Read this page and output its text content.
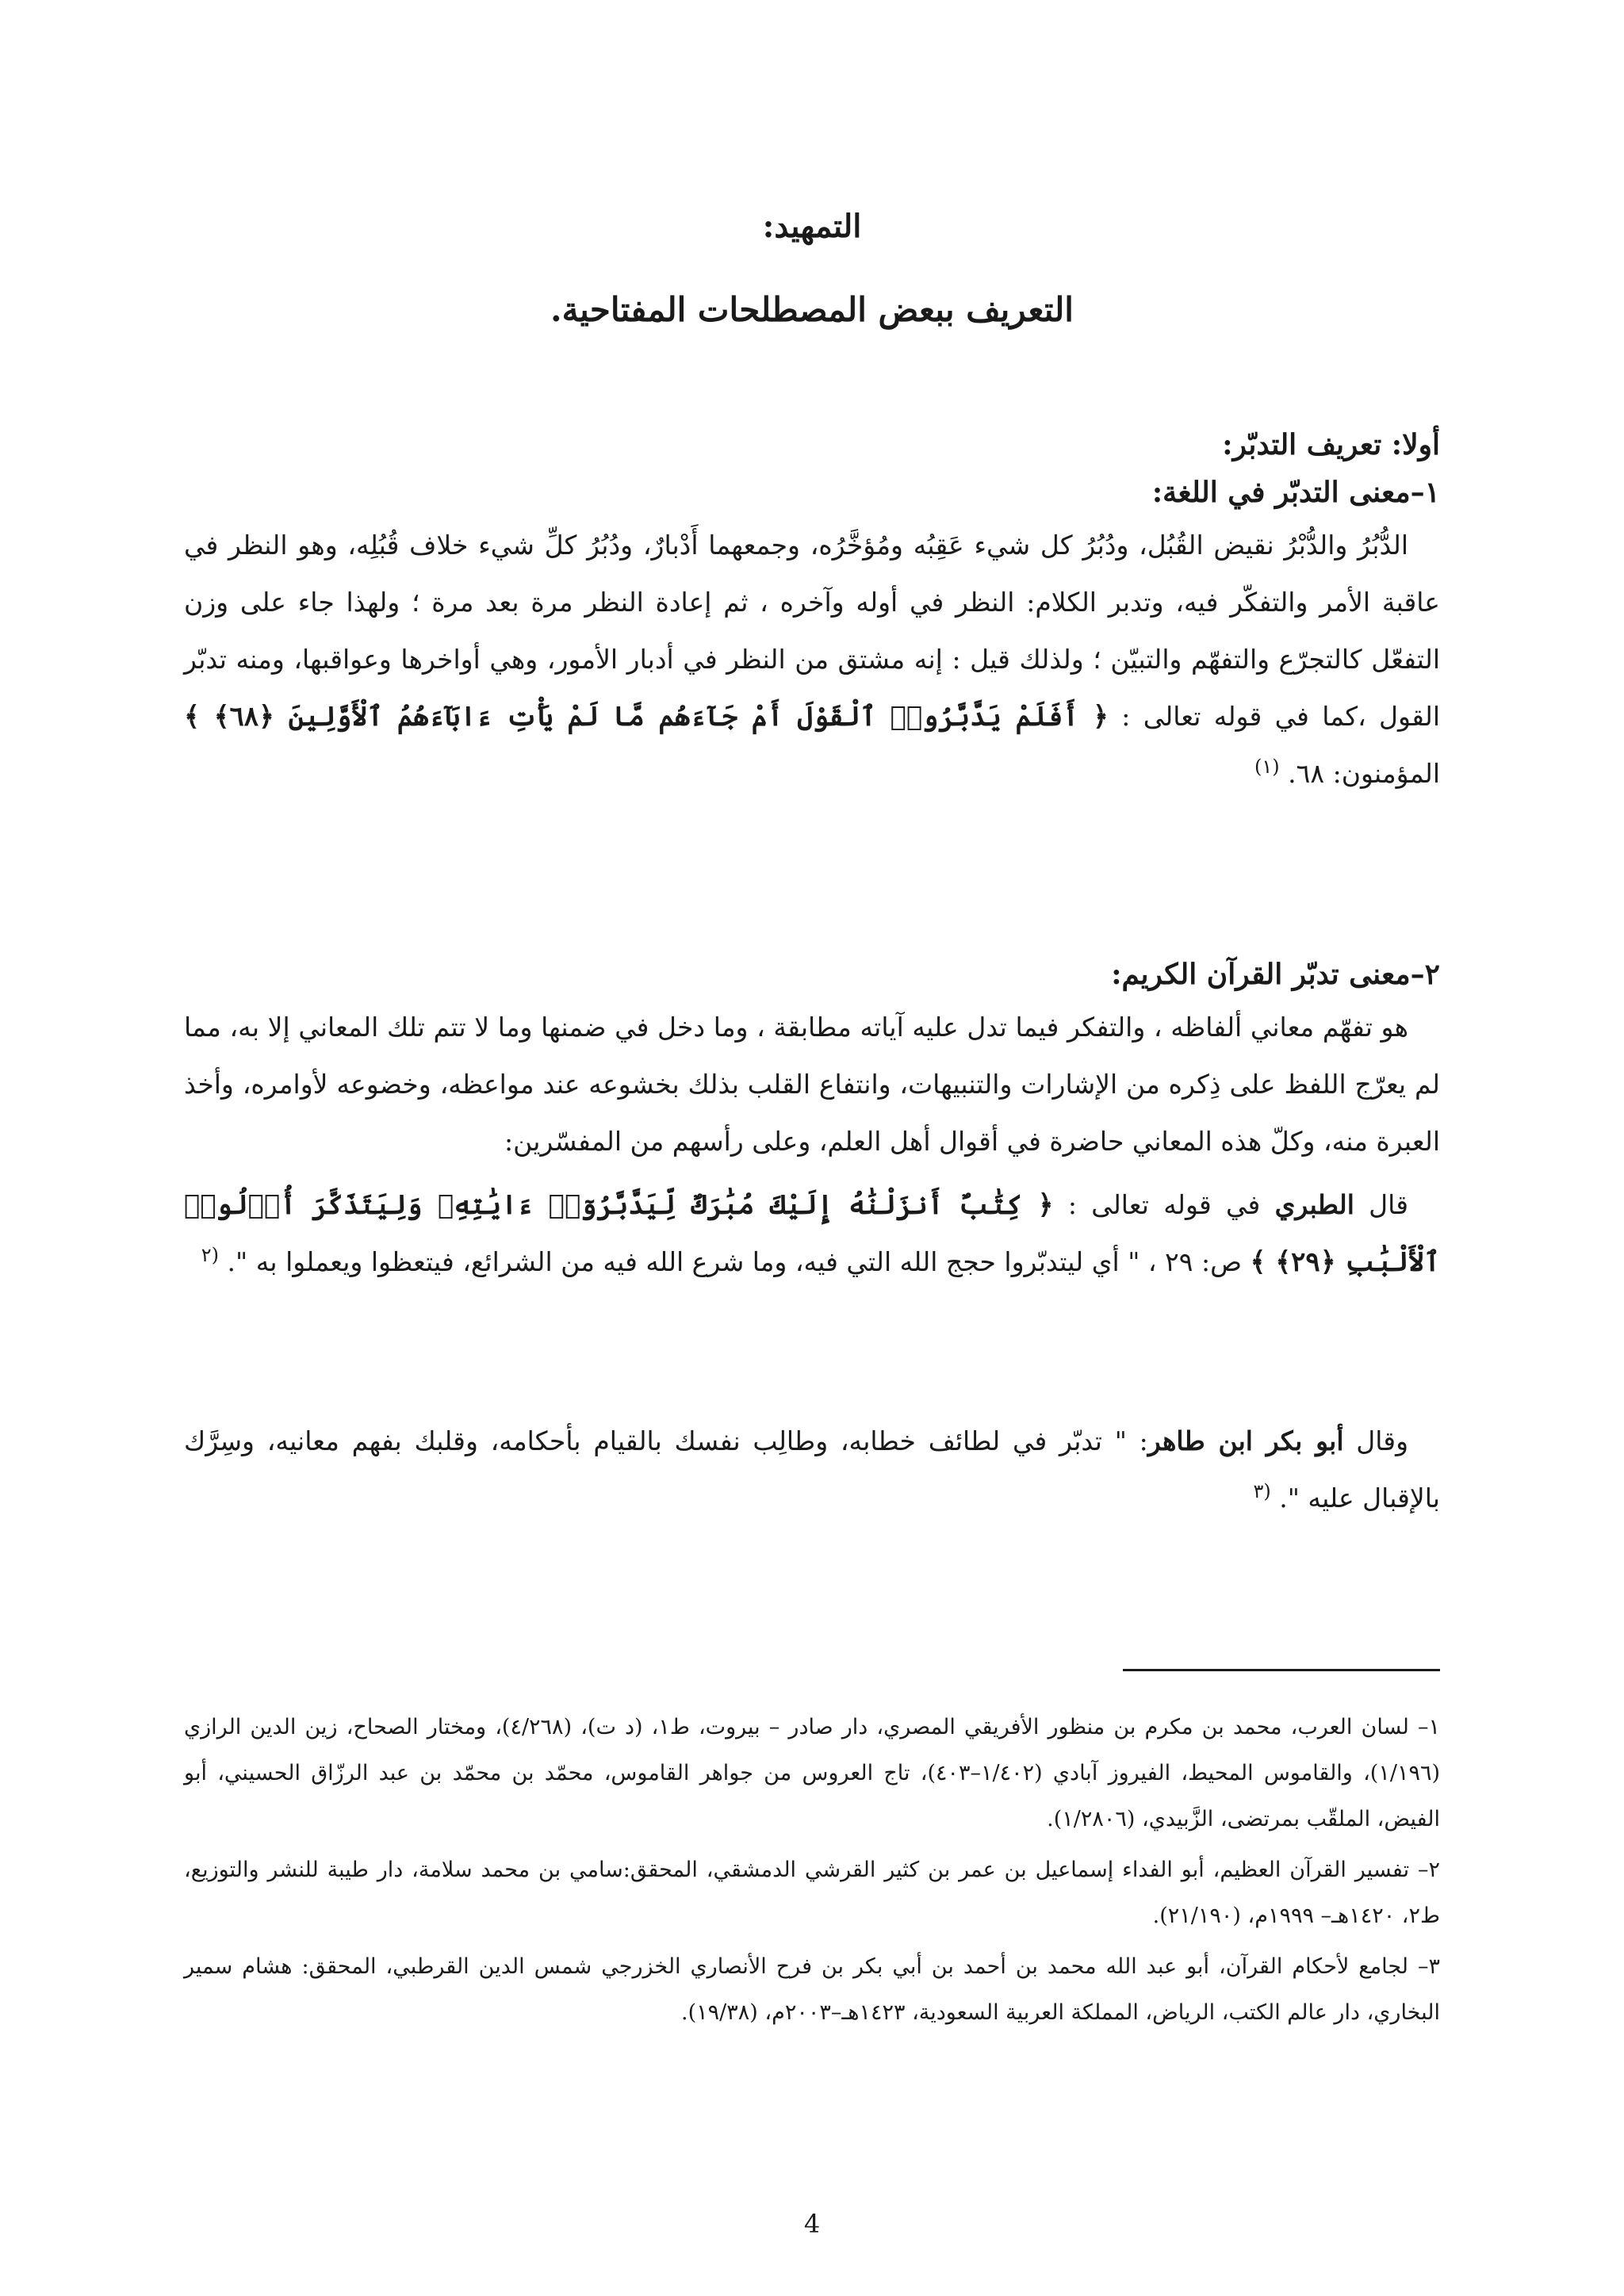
التمهيد:
التعريف ببعض المصطلحات المفتاحية.

أولا: تعريف التدبّر:

١–معنى التدبّر في اللغة:

الدُّبُرُ والدُّبْرُ نقيض القُبُل، ودُبُرُ كل شيء عَقِبُه ومُؤخَّرُه، وجمعهما أَدْبارٌ، ودُبُرُ كلِّ شيء خلاف قُبُلِه، وهو النظر في عاقبة الأمر والتفكّر فيه، وتدبر الكلام: النظر في أوله وآخره ، ثم إعادة النظر مرة بعد مرة ؛ ولهذا جاء على وزن التفعّل كالتجرّع والتفهّم والتبيّن ؛ ولذلك قيل : إنه مشتق من النظر في أدبار الأمور، وهي أواخرها وعواقبها، ومنه تدبّر القول ،كما في قوله تعالى : ﴿ أَفَلَمْ يَدَّبَّرُوا۟ ٱلْقَوْلَ أَمْ جَآءَهُم مَّا لَمْ يَأْتِ ءَابَآءَهُمُ ٱلْأَوَّلِينَ ﴿٦٨﴾ ﴾ المؤمنون: ٦٨. $^{(١)}$

٢–معنى تدبّر القرآن الكريم:

هو تفهّم معاني ألفاظه ، والتفكر فيما تدل عليه آياته مطابقة ، وما دخل في ضمنها وما لا تتم تلك المعاني إلا به، مما لم يعرّج اللفظ على ذِكره من الإشارات والتنبيهات، وانتفاع القلب بذلك بخشوعه عند مواعظه، وخضوعه لأوامره، وأخذ العبرة منه، وكلّ هذه المعاني حاضرة في أقوال أهل العلم، وعلى رأسهم من المفسّرين:

قال الطبري في قوله تعالى : ﴿ كِتَٰبٌ أَنزَلْنَٰهُ إِلَيْكَ مُبَٰرَكٌ لِّيَدَّبَّرُوٓا۟ ءَايَٰتِهِۦ وَلِيَتَذَكَّرَ أُو۟لُوا۟ ٱلْأَلْبَٰبِ ﴿٢٩﴾ ﴾ ص: ٢٩ ، " أي ليتدبّروا حجج الله التي فيه، وما شرع الله فيه من الشرائع، فيتعظوا ويعملوا به ". $^{(٢}$

وقال أبو بكر ابن طاهر: " تدبّر في لطائف خطابه، وطالِب نفسك بالقيام بأحكامه، وقلبك بفهم معانيه، وسِرَّك بالإقبال عليه ". $^{(٣}$

١– لسان العرب، محمد بن مكرم بن منظور الأفريقي المصري، دار صادر – بيروت، ط١، (د ت)، (٤/٢٦٨)، ومختار الصحاح، زين الدين الرازي (١/١٩٦)، والقاموس المحيط، الفيروز آبادي (١/٤٠٢–٤٠٣)، تاج العروس من جواهر القاموس، محمّد بن محمّد بن عبد الرزّاق الحسيني، أبو الفيض، الملقّب بمرتضى، الزَّبيدي، (١/٢٨٠٦).

٢– تفسير القرآن العظيم، أبو الفداء إسماعيل بن عمر بن كثير القرشي الدمشقي، المحقق:سامي بن محمد سلامة، دار طيبة للنشر والتوزيع، ط٢، ١٤٢٠هـ– ١٩٩٩م، (٢١/١٩٠).

٣– لجامع لأحكام القرآن، أبو عبد الله محمد بن أحمد بن أبي بكر بن فرح الأنصاري الخزرجي شمس الدين القرطبي، المحقق: هشام سمير البخاري، دار عالم الكتب، الرياض، المملكة العربية السعودية، ١٤٢٣هـ–٢٠٠٣م، (١٩/٣٨).

4
